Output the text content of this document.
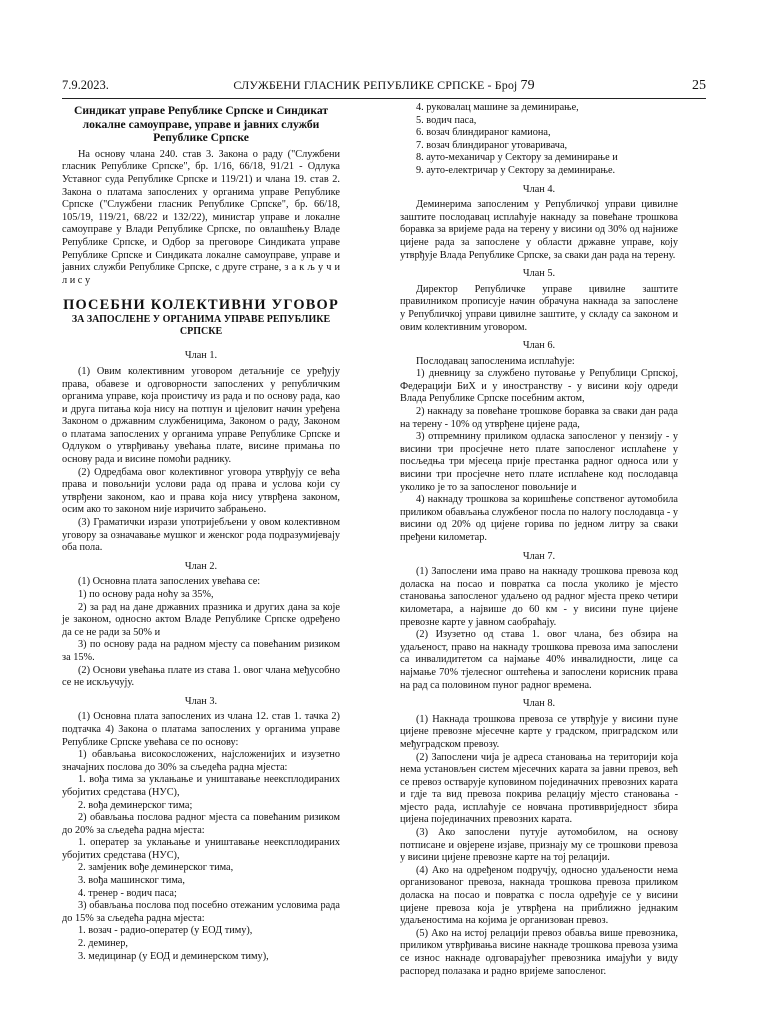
7.9.2023.	СЛУЖБЕНИ ГЛАСНИК РЕПУБЛИКЕ СРПСКЕ - Број 79	25

Синдикат управе Републике Српске и Синдикат локалне самоуправе, управе и јавних служби Републике Српске

На основу члана 240. став 3. Закона о раду ("Службени гласник Републике Српске", бр. 1/16, 66/18, 91/21 - Одлука Уставног суда Републике Српске и 119/21) и члана 19. став 2. Закона о платама запослених у органима управе Републике Српске ("Службени гласник Републике Српске", бр. 66/18, 105/19, 119/21, 68/22 и 132/22), министар управе и локалне самоуправе у Влади Републике Српске, по овлашћењу Владе Републике Српске, и Одбор за преговоре Синдиката управе Републике Српске и Синдиката локалне самоуправе, управе и јавних служби Републике Српске, с друге стране, з а к љ у ч и л и с у

ПОСЕБНИ КОЛЕКТИВНИ УГОВОР

ЗА ЗАПОСЛЕНЕ У ОРГАНИМА УПРАВЕ РЕПУБЛИКЕ СРПСКЕ

Члан 1.

(1) Овим колективним уговором детаљније се уређују права, обавезе и одговорности запослених у републичким органима управе, која проистичу из рада и по основу рада, као и друга питања која нису на потпун и цјеловит начин уређена Законом о државним службеницима, Законом о раду, Законом о платама запослених у органима управе Републике Српске и Одлуком о утврђивању увећања плате, висине примања по основу рада и висине помоћи раднику.

(2) Одредбама овог колективног уговора утврђују се већа права и повољнији услови рада од права и услова који су утврђени законом, као и права која нису утврђена законом, осим ако то законом није изричито забрањено.

(3) Граматички изрази употријебљени у овом колективном уговору за означавање мушког и женског рода подразумијевају оба пола.

Члан 2.

(1) Основна плата запослених увећава се:

1) по основу рада ноћу за 35%,

2) за рад на дане државних празника и других дана за које је законом, односно актом Владе Републике Српске одређено да се не ради за 50% и

3) по основу рада на радном мјесту са повећаним ризиком за 15%.

(2) Основи увећања плате из става 1. овог члана међусобно се не искључују.

Члан 3.

(1) Основна плата запослених из члана 12. став 1. тачка 2) подтачка 4) Закона о платама запослених у органима управе Републике Српске увећава се по основу:

1) обављања високосложених, најсложенијих и изузетно значајних послова до 30% за сљедећа радна мјеста:

1. вођа тима за уклањање и уништавање неексплодираних убојитих средстава (НУС),

2. вођа деминерског тима;

2) обављања послова радног мјеста са повећаним ризиком до 20% за сљедећа радна мјеста:

1. оператер за уклањање и уништавање неексплодираних убојитих средстава (НУС),

2. замјеник вође деминерског тима,

3. вођа машинског тима,

4. тренер - водич паса;

3) обављања послова под посебно отежаним условима рада до 15% за сљедећа радна мјеста:

1. возач - радио-оператер (у ЕОД тиму),

2. деминер,

3. медицинар (у ЕОД и деминерском тиму),

4. руковалац машине за деминирање,

5. водич паса,

6. возач блиндираног камиона,

7. возач блиндираног утоваривача,

8. ауто-механичар у Сектору за деминирање и

9. ауто-електричар у Сектору за деминирање.

Члан 4.

Деминерима запосленим у Републичкој управи цивилне заштите послодавац исплаћује накнаду за повећане трошкова боравка за вријеме рада на терену у висини од 30% од најниже цијене рада за запослене у области државне управе, коју утврђује Влада Републике Српске, за сваки дан рада на терену.

Члан 5.

Директор Републичке управе цивилне заштите правилником прописује начин обрачуна накнада за запослене у Републичкој управи цивилне заштите, у складу са законом и овим колективним уговором.

Члан 6.

Послодавац запосленима исплаћује:

1) дневницу за службено путовање у Републици Српској, Федерацији БиХ и у иностранству - у висини коју одреди Влада Републике Српске посебним актом,

2) накнаду за повећане трошкове боравка за сваки дан рада на терену - 10% од утврђене цијене рада,

3) отпремнину приликом одласка запосленог у пензију - у висини три просјечне нето плате запосленог исплаћене у посљедња три мјесеца прије престанка радног односа или у висини три просјечне нето плате исплаћене код послодавца уколико је то за запосленог повољније и

4) накнаду трошкова за коришћење сопственог аутомобила приликом обављања службеног посла по налогу послодавца - у висини од 20% од цијене горива по једном литру за сваки пређени километар.

Члан 7.

(1) Запослени има право на накнаду трошкова превоза код доласка на посао и повратка са посла уколико је мјесто становања запосленог удаљено од радног мјеста преко четири километара, а највише до 60 км - у висини пуне цијене превозне карте у јавном саобраћају.

(2) Изузетно од става 1. овог члана, без обзира на удаљеност, право на накнаду трошкова превоза има запослени са инвалидитетом са најмање 40% инвалидности, лице са најмање 70% тјелесног оштећења и запослени корисник права на рад са половином пуног радног времена.

Члан 8.

(1) Накнада трошкова превоза се утврђује у висини пуне цијене превозне мјесечне карте у градском, приградском или међуградском превозу.

(2) Запослени чија је адреса становања на територији која нема установљен систем мјесечних карата за јавни превоз, већ се превоз остварује куповином појединачних превозних карата и гдје та вид превоза покрива релацију мјесто становања - мјесто рада, исплаћује се новчана противвриједност збира цијена појединачних превозних карата.

(3) Ако запослени путује аутомобилом, на основу потписане и овјерене изјаве, признају му се трошкови превоза у висини цијене превозне карте на тој релацији.

(4) Ако на одређеном подручју, односно удаљености нема организованог превоза, накнада трошкова превоза приликом доласка на посао и повратка с посла одређује се у висини цијене превоза која је утврђена на приближно једнаким удаљеностима на којима је организован превоз.

(5) Ако на истој релацији превоз обавља више превозника, приликом утврђивања висине накнаде трошкова превоза узима се износ накнаде одговарајућег превозника имајући у виду распоред полазака и радно вријеме запосленог.
